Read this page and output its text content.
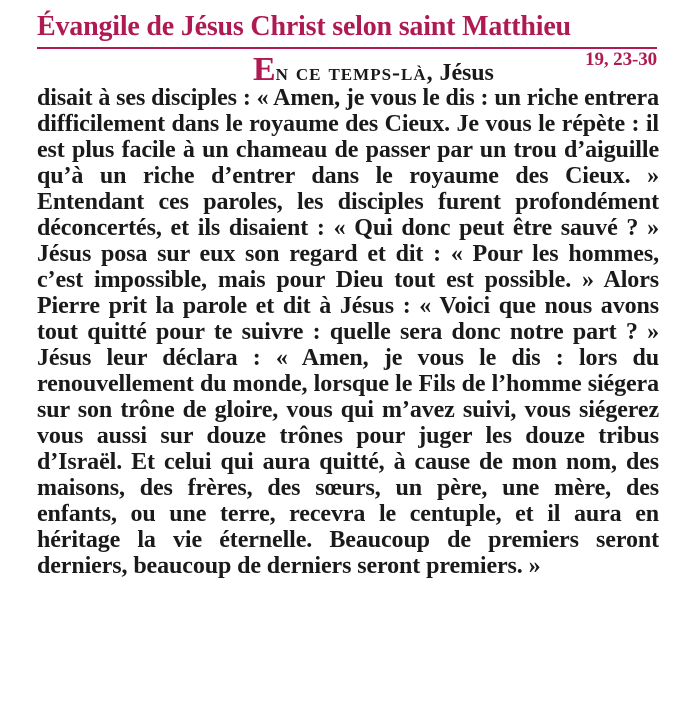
Évangile de Jésus Christ selon saint Matthieu
19, 23-30
En ce temps-là, Jésus
disait à ses disciples : « Amen, je vous le dis : un riche entrera difficilement dans le royaume des Cieux. Je vous le répète : il est plus facile à un chameau de passer par un trou d’aiguille qu’à un riche d’entrer dans le royaume des Cieux. » Entendant ces paroles, les disciples furent profondément déconcertés, et ils disaient : « Qui donc peut être sauvé ? » Jésus posa sur eux son regard et dit : « Pour les hommes, c’est impossible, mais pour Dieu tout est possible. » Alors Pierre prit la parole et dit à Jésus : « Voici que nous avons tout quitté pour te suivre : quelle sera donc notre part ? » Jésus leur déclara : « Amen, je vous le dis : lors du renouvellement du monde, lorsque le Fils de l’homme siégera sur son trône de gloire, vous qui m’avez suivi, vous siégerez vous aussi sur douze trônes pour juger les douze tribus d’Israël. Et celui qui aura quitté, à cause de mon nom, des maisons, des frères, des sœurs, un père, une mère, des enfants, ou une terre, recevra le centuple, et il aura en héritage la vie éternelle. Beaucoup de premiers seront derniers, beaucoup de derniers seront premiers. »
